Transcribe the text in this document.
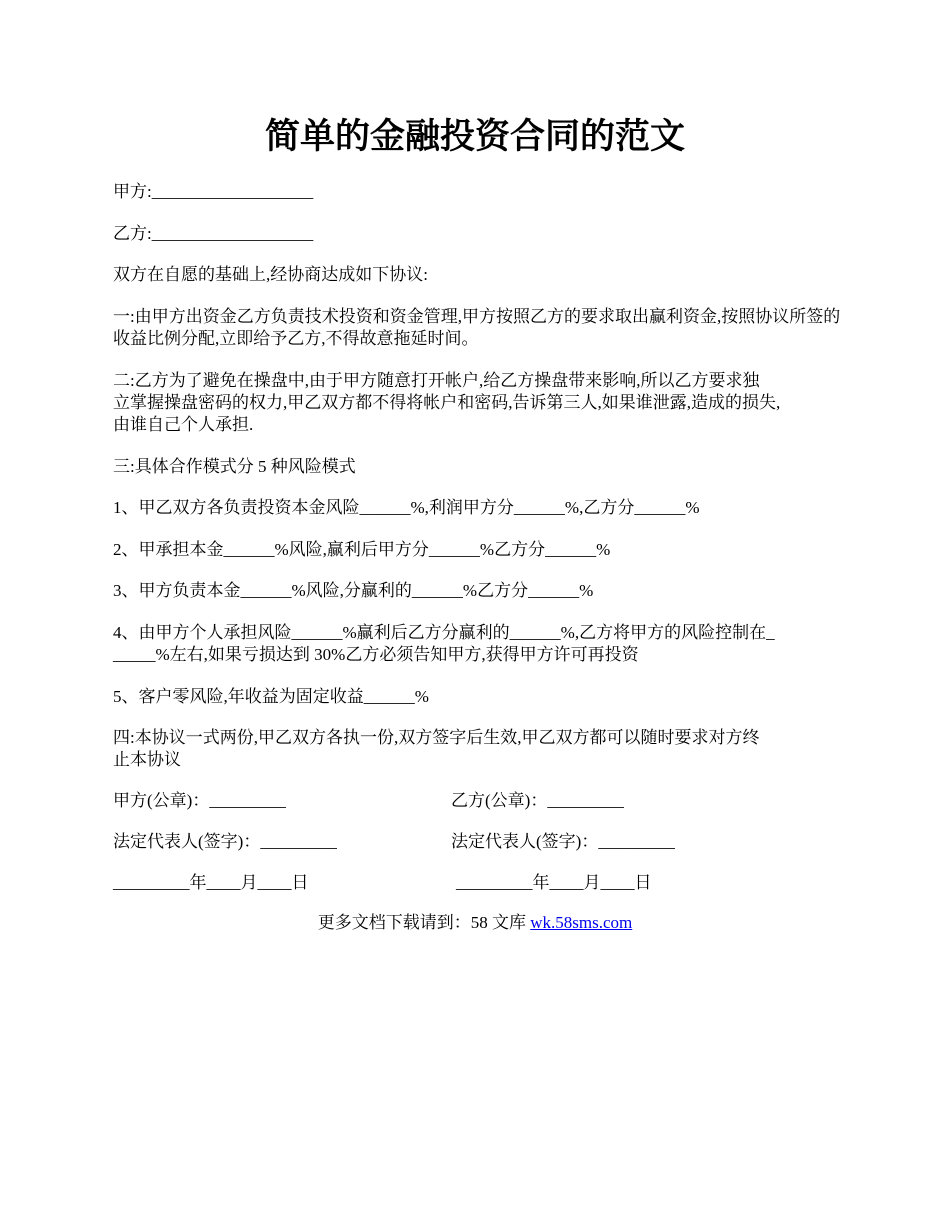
简单的金融投资合同的范文

甲方:___________________

乙方:___________________

双方在自愿的基础上,经协商达成如下协议:

一:由甲方出资金乙方负责技术投资和资金管理,甲方按照乙方的要求取出赢利资金,按照协议所签的收益比例分配,立即给予乙方,不得故意拖延时间。

二:乙方为了避免在操盘中,由于甲方随意打开帐户,给乙方操盘带来影响,所以乙方要求独

立掌握操盘密码的权力,甲乙双方都不得将帐户和密码,告诉第三人,如果谁泄露,造成的损失,

由谁自己个人承担.

三:具体合作模式分 5 种风险模式

1、甲乙双方各负责投资本金风险______%,利润甲方分______%,乙方分______%

2、甲承担本金______%风险,赢利后甲方分______%乙方分______%

3、甲方负责本金______%风险,分赢利的______%乙方分______%

4、由甲方个人承担风险______%赢利后乙方分赢利的______%,乙方将甲方的风险控制在_

_____%左右,如果亏损达到 30%乙方必须告知甲方,获得甲方许可再投资

5、客户零风险,年收益为固定收益______%

四:本协议一式两份,甲乙双方各执一份,双方签字后生效,甲乙双方都可以随时要求对方终

止本协议

甲方(公章)：_________	乙方(公章)：_________

法定代表人(签字)：_________	法定代表人(签字)：_________

_________年____月____日	_________年____月____日

更多文档下载请到：58 文库 wk.58sms.com
